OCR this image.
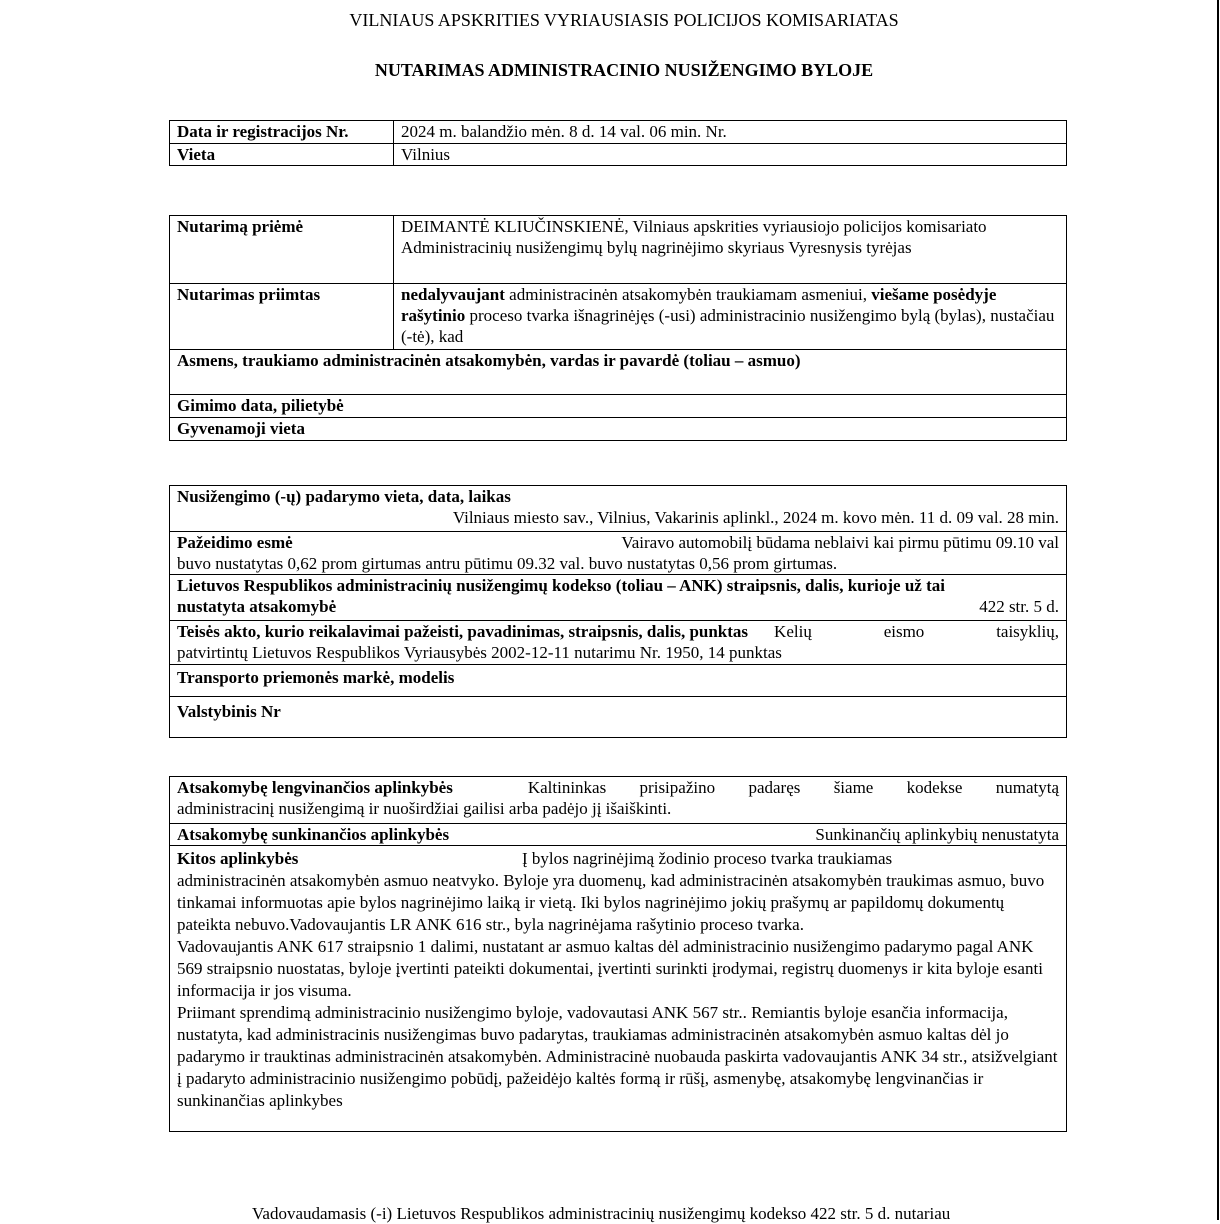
VILNIAUS APSKRITIES VYRIAUSIASIS POLICIJOS KOMISARIATAS
NUTARIMAS ADMINISTRACINIO NUSIŽENGIMO BYLOJE
Data ir registracijos Nr.	2024 m. balandžio mėn. 8 d. 14 val. 06 min. Nr.
Vieta	Vilnius
Nutarimą priėmė	DEIMANTĖ KLIUČINSKIENĖ, Vilniaus apskrities vyriausiojo policijos komisariato Administracinių nusižengimų bylų nagrinėjimo skyriaus Vyresnysis tyrėjas
Nutarimas priimtas	nedalyvaujant administracinėn atsakomybėn traukiamam asmeniui, viešame posėdyje rašytinio proceso tvarka išnagrinėjęs (-usi) administracinio nusižengimo bylą (bylas), nustačiau (-tė), kad
Asmens, traukiamo administracinėn atsakomybėn, vardas ir pavardė (toliau – asmuo)	
Gimimo data, pilietybė	
Gyvenamoji vieta	
Nusižengimo (-ų) padarymo vieta, data, laikas
Vilniaus miesto sav., Vilnius, Vakarinis aplinkl., 2024 m. kovo mėn. 11 d. 09 val. 28 min.

Pažeidimo esmė	Vairavo automobilį būdama neblaivi kai pirmu pūtimu 09.10 val
buvo nustatytas 0,62 prom girtumas antru pūtimu 09.32 val. buvo nustatytas 0,56 prom girtumas.

Lietuvos Respublikos administracinių nusižengimų kodekso (toliau – ANK) straipsnis, dalis, kurioje už tai
nustatyta atsakomybė	422 str. 5 d.

Teisės akto, kurio reikalavimai pažeisti, pavadinimas, straipsnis, dalis, punktas	Kelių eismo taisyklių,
patvirtintų Lietuvos Respublikos Vyriausybės 2002-12-11 nutarimu Nr. 1950, 14 punktas

Transporto priemonės markė, modelis
Valstybinis Nr
Atsakomybę lengvinančios aplinkybės	Kaltininkas prisipažino padaręs šiame kodekse numatytą
administracinį nusižengimą ir nuoširdžiai gailisi arba padėjo jį išaiškinti.

Atsakomybę sunkinančios aplinkybės	Sunkinančių aplinkybių nenustatyta

Kitos aplinkybės	Į bylos nagrinėjimą žodinio proceso tvarka traukiamas
administracinėn atsakomybėn asmuo neatvyko. Byloje yra duomenų, kad administracinėn atsakomybėn traukimas asmuo, buvo tinkamai informuotas apie bylos nagrinėjimo laiką ir vietą. Iki bylos nagrinėjimo jokių prašymų ar papildomų dokumentų pateikta nebuvo.Vadovaujantis LR ANK 616 str., byla nagrinėjama rašytinio proceso tvarka.
Vadovaujantis ANK 617 straipsnio 1 dalimi, nustatant ar asmuo kaltas dėl administracinio nusižengimo padarymo pagal ANK 569 straipsnio nuostatas, byloje įvertinti pateikti dokumentai, įvertinti surinkti įrodymai, registrų duomenys ir kita byloje esanti informacija ir jos visuma.
Priimant sprendimą administracinio nusižengimo byloje, vadovautasi ANK 567 str.. Remiantis byloje esančia informacija, nustatyta, kad administracinis nusižengimas buvo padarytas, traukiamas administracinėn atsakomybėn asmuo kaltas dėl jo padarymo ir trauktinas administracinėn atsakomybėn. Administracinė nuobauda paskirta vadovaujantis ANK 34 str., atsižvelgiant į padaryto administracinio nusižengimo pobūdį, pažeidėjo kaltės formą ir rūšį, asmenybę, atsakomybę lengvinančias ir sunkinančias aplinkybes
Vadovaudamasis (-i) Lietuvos Respublikos administracinių nusižengimų kodekso 422 str. 5 d. nutariau
